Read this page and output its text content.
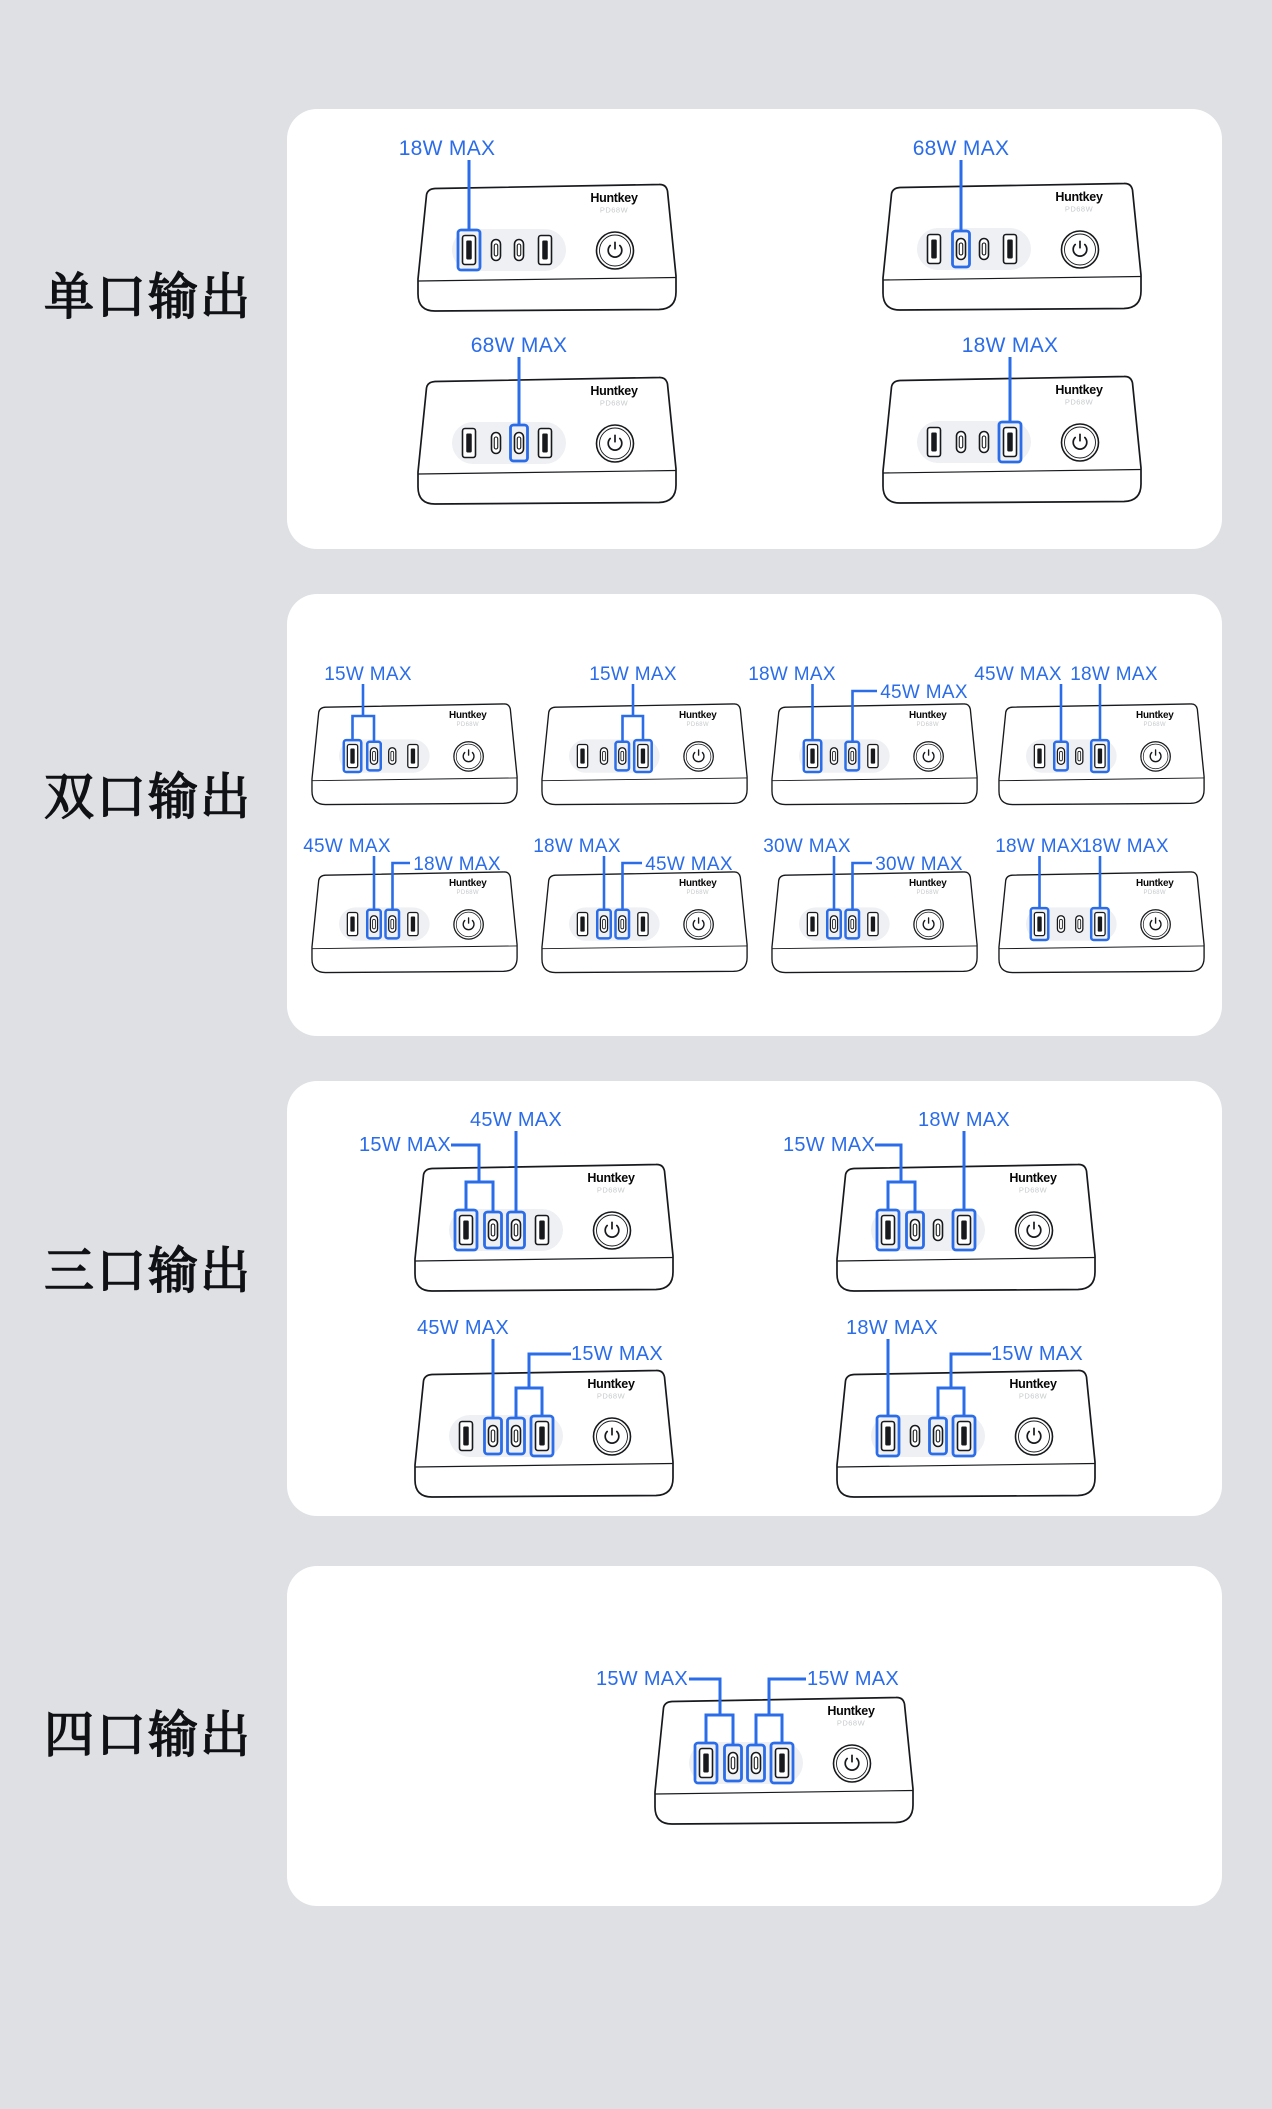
单口输出
双口输出
三口输出
四口输出
Huntkey
PD68W
18W MAX
Huntkey
PD68W
68W MAX
Huntkey
PD68W
68W MAX
Huntkey
PD68W
18W MAX
Huntkey
PD68W
15W MAX
Huntkey
PD68W
15W MAX
Huntkey
PD68W
18W MAX
45W MAX
Huntkey
PD68W
45W MAX 18W MAX
Huntkey
PD68W
45W MAX
18W MAX
Huntkey
PD68W
18W MAX
45W MAX
Huntkey
PD68W
30W MAX
30W MAX
Huntkey
PD68W
18W MAX
18W MAX
Huntkey
PD68W
45W MAX
15W MAX
Huntkey
PD68W
18W MAX
15W MAX
Huntkey
PD68W
45W MAX
15W MAX
Huntkey
PD68W
18W MAX
15W MAX
Huntkey
PD68W
15W MAX	15W MAX
